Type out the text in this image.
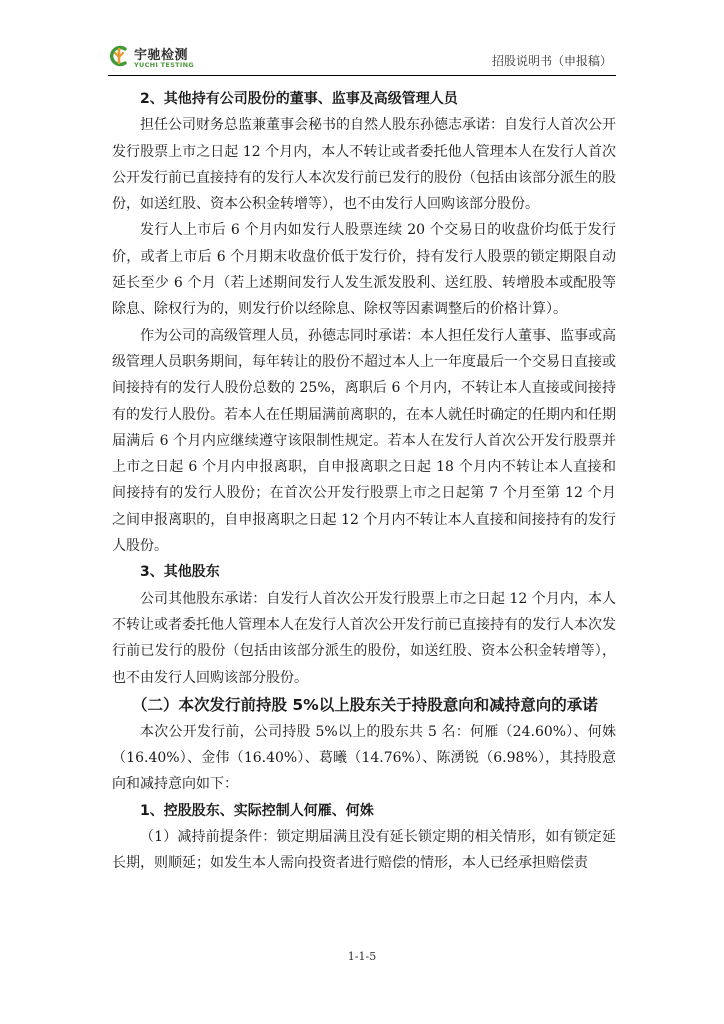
宇驰检测
YUCHI TESTING	招股说明书（申报稿）

2、其他持有公司股份的董事、监事及高级管理人员

担任公司财务总监兼董事会秘书的自然人股东孙德志承诺：自发行人首次公开发行股票上市之日起 12 个月内，本人不转让或者委托他人管理本人在发行人首次公开发行前已直接持有的发行人本次发行前已发行的股份（包括由该部分派生的股份，如送红股、资本公积金转增等），也不由发行人回购该部分股份。

发行人上市后 6 个月内如发行人股票连续 20 个交易日的收盘价均低于发行价，或者上市后 6 个月期末收盘价低于发行价，持有发行人股票的锁定期限自动延长至少 6 个月（若上述期间发行人发生派发股利、送红股、转增股本或配股等除息、除权行为的，则发行价以经除息、除权等因素调整后的价格计算）。

作为公司的高级管理人员，孙德志同时承诺：本人担任发行人董事、监事或高级管理人员职务期间，每年转让的股份不超过本人上一年度最后一个交易日直接或间接持有的发行人股份总数的 25%，离职后 6 个月内，不转让本人直接或间接持有的发行人股份。若本人在任期届满前离职的，在本人就任时确定的任期内和任期届满后 6 个月内应继续遵守该限制性规定。若本人在发行人首次公开发行股票并上市之日起 6 个月内申报离职，自申报离职之日起 18 个月内不转让本人直接和间接持有的发行人股份；在首次公开发行股票上市之日起第 7 个月至第 12 个月之间申报离职的，自申报离职之日起 12 个月内不转让本人直接和间接持有的发行人股份。

3、其他股东

公司其他股东承诺：自发行人首次公开发行股票上市之日起 12 个月内，本人不转让或者委托他人管理本人在发行人首次公开发行前已直接持有的发行人本次发行前已发行的股份（包括由该部分派生的股份，如送红股、资本公积金转增等），也不由发行人回购该部分股份。

（二）本次发行前持股 5%以上股东关于持股意向和减持意向的承诺

本次公开发行前，公司持股 5%以上的股东共 5 名：何雁（24.60%）、何姝（16.40%）、金伟（16.40%）、葛曦（14.76%）、陈湧锐（6.98%），其持股意向和减持意向如下：

1、控股股东、实际控制人何雁、何姝

（1）减持前提条件：锁定期届满且没有延长锁定期的相关情形，如有锁定延长期，则顺延；如发生本人需向投资者进行赔偿的情形，本人已经承担赔偿责

1-1-5
